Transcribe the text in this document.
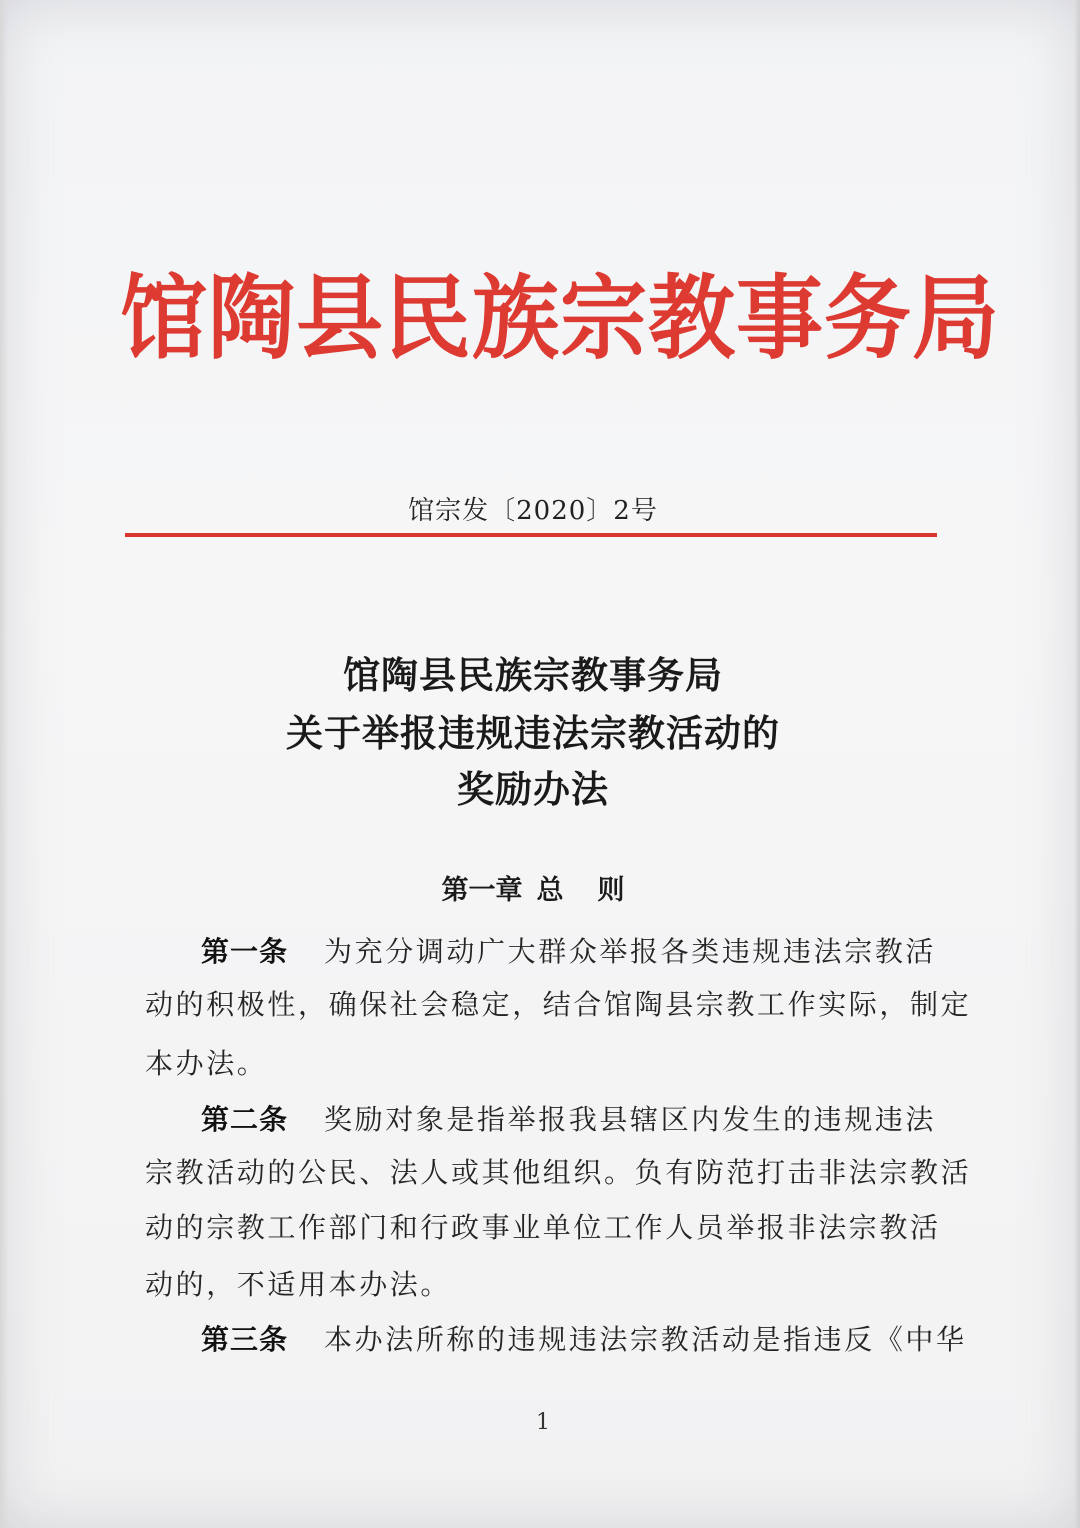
馆陶县民族宗教事务局
馆宗发〔2020〕2号
馆陶县民族宗教事务局
关于举报违规违法宗教活动的
奖励办法
第一章 总 则
第一条 为充分调动广大群众举报各类违规违法宗教活
动的积极性，确保社会稳定，结合馆陶县宗教工作实际，制定
本办法。
第二条 奖励对象是指举报我县辖区内发生的违规违法
宗教活动的公民、法人或其他组织。负有防范打击非法宗教活
动的宗教工作部门和行政事业单位工作人员举报非法宗教活
动的，不适用本办法。
第三条 本办法所称的违规违法宗教活动是指违反《中华
1
